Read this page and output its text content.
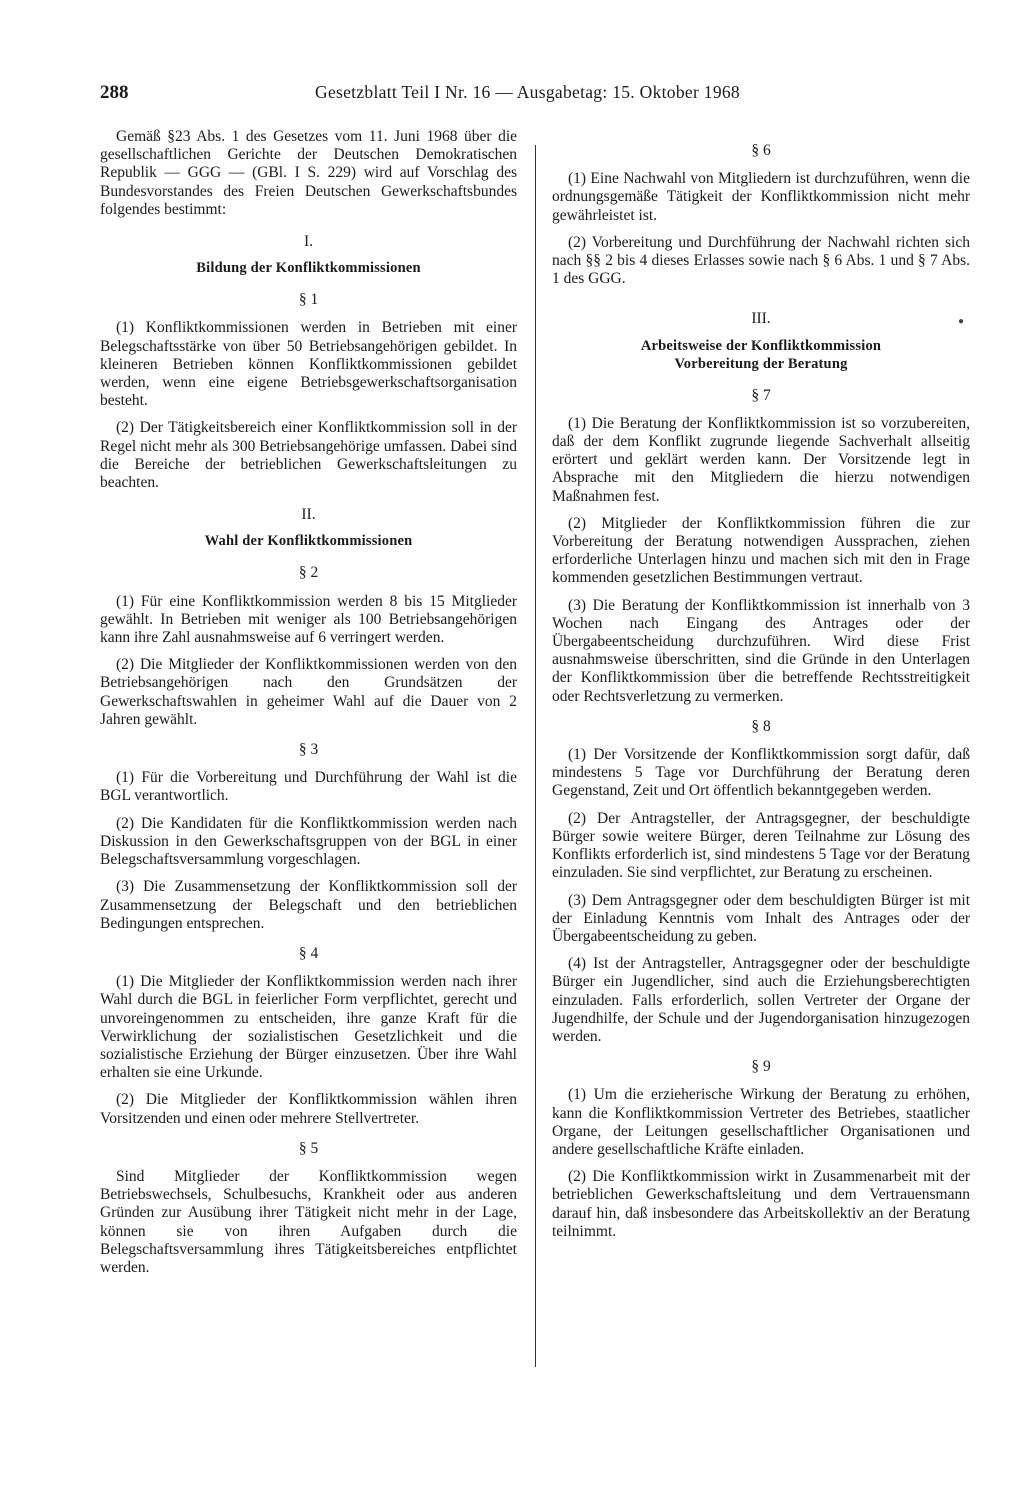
288	Gesetzblatt Teil I Nr. 16 — Ausgabetag: 15. Oktober 1968

Gemäß §23 Abs. 1 des Gesetzes vom 11. Juni 1968 über die gesellschaftlichen Gerichte der Deutschen Demokratischen Republik — GGG — (GBl. I S. 229) wird auf Vorschlag des Bundesvorstandes des Freien Deutschen Gewerkschaftsbundes folgendes bestimmt:

I.
Bildung der Konfliktkommissionen
§ 1

(1) Konfliktkommissionen werden in Betrieben mit einer Belegschaftsstärke von über 50 Betriebsangehörigen gebildet. In kleineren Betrieben können Konfliktkommissionen gebildet werden, wenn eine eigene Betriebsgewerkschaftsorganisation besteht.

(2) Der Tätigkeitsbereich einer Konfliktkommission soll in der Regel nicht mehr als 300 Betriebsangehörige umfassen. Dabei sind die Bereiche der betrieblichen Gewerkschaftsleitungen zu beachten.

II.
Wahl der Konfliktkommissionen
§ 2

(1) Für eine Konfliktkommission werden 8 bis 15 Mitglieder gewählt. In Betrieben mit weniger als 100 Betriebsangehörigen kann ihre Zahl ausnahmsweise auf 6 verringert werden.

(2) Die Mitglieder der Konfliktkommissionen werden von den Betriebsangehörigen nach den Grundsätzen der Gewerkschaftswahlen in geheimer Wahl auf die Dauer von 2 Jahren gewählt.

§ 3

(1) Für die Vorbereitung und Durchführung der Wahl ist die BGL verantwortlich.

(2) Die Kandidaten für die Konfliktkommission werden nach Diskussion in den Gewerkschaftsgruppen von der BGL in einer Belegschaftsversammlung vorgeschlagen.

(3) Die Zusammensetzung der Konfliktkommission soll der Zusammensetzung der Belegschaft und den betrieblichen Bedingungen entsprechen.

§ 4

(1) Die Mitglieder der Konfliktkommission werden nach ihrer Wahl durch die BGL in feierlicher Form verpflichtet, gerecht und unvoreingenommen zu entscheiden, ihre ganze Kraft für die Verwirklichung der sozialistischen Gesetzlichkeit und die sozialistische Erziehung der Bürger einzusetzen. Über ihre Wahl erhalten sie eine Urkunde.

(2) Die Mitglieder der Konfliktkommission wählen ihren Vorsitzenden und einen oder mehrere Stellvertreter.

§ 5

Sind Mitglieder der Konfliktkommission wegen Betriebswechsels, Schulbesuchs, Krankheit oder aus anderen Gründen zur Ausübung ihrer Tätigkeit nicht mehr in der Lage, können sie von ihren Aufgaben durch die Belegschaftsversammlung ihres Tätigkeitsbereiches entpflichtet werden.

§ 6

(1) Eine Nachwahl von Mitgliedern ist durchzuführen, wenn die ordnungsgemäße Tätigkeit der Konfliktkommission nicht mehr gewährleistet ist.

(2) Vorbereitung und Durchführung der Nachwahl richten sich nach §§ 2 bis 4 dieses Erlasses sowie nach § 6 Abs. 1 und § 7 Abs. 1 des GGG.

III.
Arbeitsweise der Konfliktkommission
Vorbereitung der Beratung
§ 7

(1) Die Beratung der Konfliktkommission ist so vorzubereiten, daß der dem Konflikt zugrunde liegende Sachverhalt allseitig erörtert und geklärt werden kann. Der Vorsitzende legt in Absprache mit den Mitgliedern die hierzu notwendigen Maßnahmen fest.

(2) Mitglieder der Konfliktkommission führen die zur Vorbereitung der Beratung notwendigen Aussprachen, ziehen erforderliche Unterlagen hinzu und machen sich mit den in Frage kommenden gesetzlichen Bestimmungen vertraut.

(3) Die Beratung der Konfliktkommission ist innerhalb von 3 Wochen nach Eingang des Antrages oder der Übergabeentscheidung durchzuführen. Wird diese Frist ausnahmsweise überschritten, sind die Gründe in den Unterlagen der Konfliktkommission über die betreffende Rechtsstreitigkeit oder Rechtsverletzung zu vermerken.

§ 8

(1) Der Vorsitzende der Konfliktkommission sorgt dafür, daß mindestens 5 Tage vor Durchführung der Beratung deren Gegenstand, Zeit und Ort öffentlich bekanntgegeben werden.

(2) Der Antragsteller, der Antragsgegner, der beschuldigte Bürger sowie weitere Bürger, deren Teilnahme zur Lösung des Konflikts erforderlich ist, sind mindestens 5 Tage vor der Beratung einzuladen. Sie sind verpflichtet, zur Beratung zu erscheinen.

(3) Dem Antragsgegner oder dem beschuldigten Bürger ist mit der Einladung Kenntnis vom Inhalt des Antrages oder der Übergabeentscheidung zu geben.

(4) Ist der Antragsteller, Antragsgegner oder der beschuldigte Bürger ein Jugendlicher, sind auch die Erziehungsberechtigten einzuladen. Falls erforderlich, sollen Vertreter der Organe der Jugendhilfe, der Schule und der Jugendorganisation hinzugezogen werden.

§ 9

(1) Um die erzieherische Wirkung der Beratung zu erhöhen, kann die Konfliktkommission Vertreter des Betriebes, staatlicher Organe, der Leitungen gesellschaftlicher Organisationen und andere gesellschaftliche Kräfte einladen.

(2) Die Konfliktkommission wirkt in Zusammenarbeit mit der betrieblichen Gewerkschaftsleitung und dem Vertrauensmann darauf hin, daß insbesondere das Arbeitskollektiv an der Beratung teilnimmt.

●
